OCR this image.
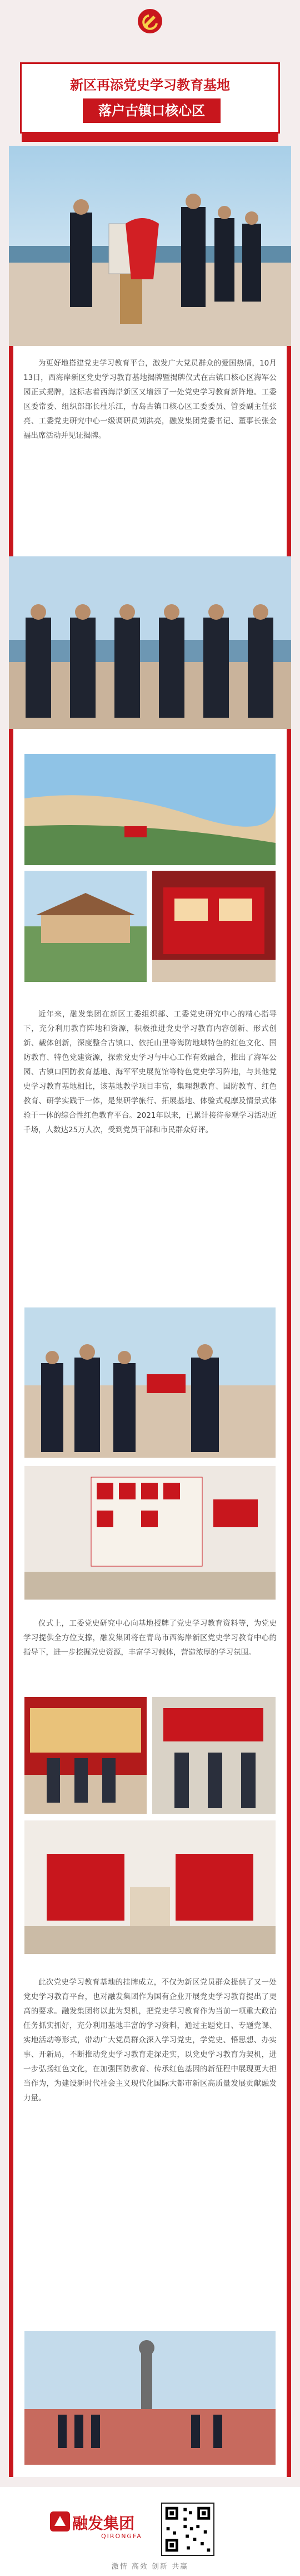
新区再添党史学习教育基地
落户古镇口核心区
为更好地搭建党史学习教育平台，激发广大党员群众的爱国热情，10月13日，西海岸新区党史学习教育基地揭牌暨揭牌仪式在古镇口核心区海军公园正式揭牌，这标志着西海岸新区又增添了一处党史学习教育新阵地。工委区委常委、组织部部长杜乐江，青岛古镇口核心区工委委员、管委副主任张亮、工委党史研究中心一级调研员刘洪亮，融发集团党委书记、董事长张金福出席活动并见证揭牌。
近年来，融发集团在新区工委组织部、工委党史研究中心的精心指导下，充分利用教育阵地和资源，积极推进党史学习教育内容创新、形式创新、载体创新，深度整合古镇口、依托山里等海防地域特色的红色文化、国防教育、特色党建资源，探索党史学习与中心工作有效融合，推出了海军公园、古镇口国防教育基地、海军军史展览馆等特色党史学习阵地，与其他党史学习教育基地相比，该基地教学项目丰富，集理想教育、国防教育、红色教育、研学实践于一体，是集研学旅行、拓展基地、体验式观摩及情景式体验于一体的综合性红色教育平台。2021年以来，已累计接待参观学习活动近千场，人数达25万人次，受到党员干部和市民群众好评。
仪式上，工委党史研究中心向基地授牌了党史学习教育资料等，为党史学习提供全方位支撑，融发集团将在青岛市西海岸新区党史学习教育中心的指导下，进一步挖掘党史资源，丰富学习载体，营造浓厚的学习氛围。
此次党史学习教育基地的挂牌成立，不仅为新区党员群众提供了又一处党史学习教育平台，也对融发集团作为国有企业开展党史学习教育提出了更高的要求。融发集团将以此为契机，把党史学习教育作为当前一项重大政治任务抓实抓好，充分利用基地丰富的学习资料，通过主题党日、专题党课、实地活动等形式，带动广大党员群众深入学习党史，学党史、悟思想、办实事、开新局，不断推动党史学习教育走深走实，以党史学习教育为契机，进一步弘扬红色文化，在加强国防教育、传承红色基因的新征程中展现更大担当作为，为建设新时代社会主义现代化国际大都市新区高质量发展贡献融发力量。
融发集团
QIRONGFA
激情 高效 创新 共赢
